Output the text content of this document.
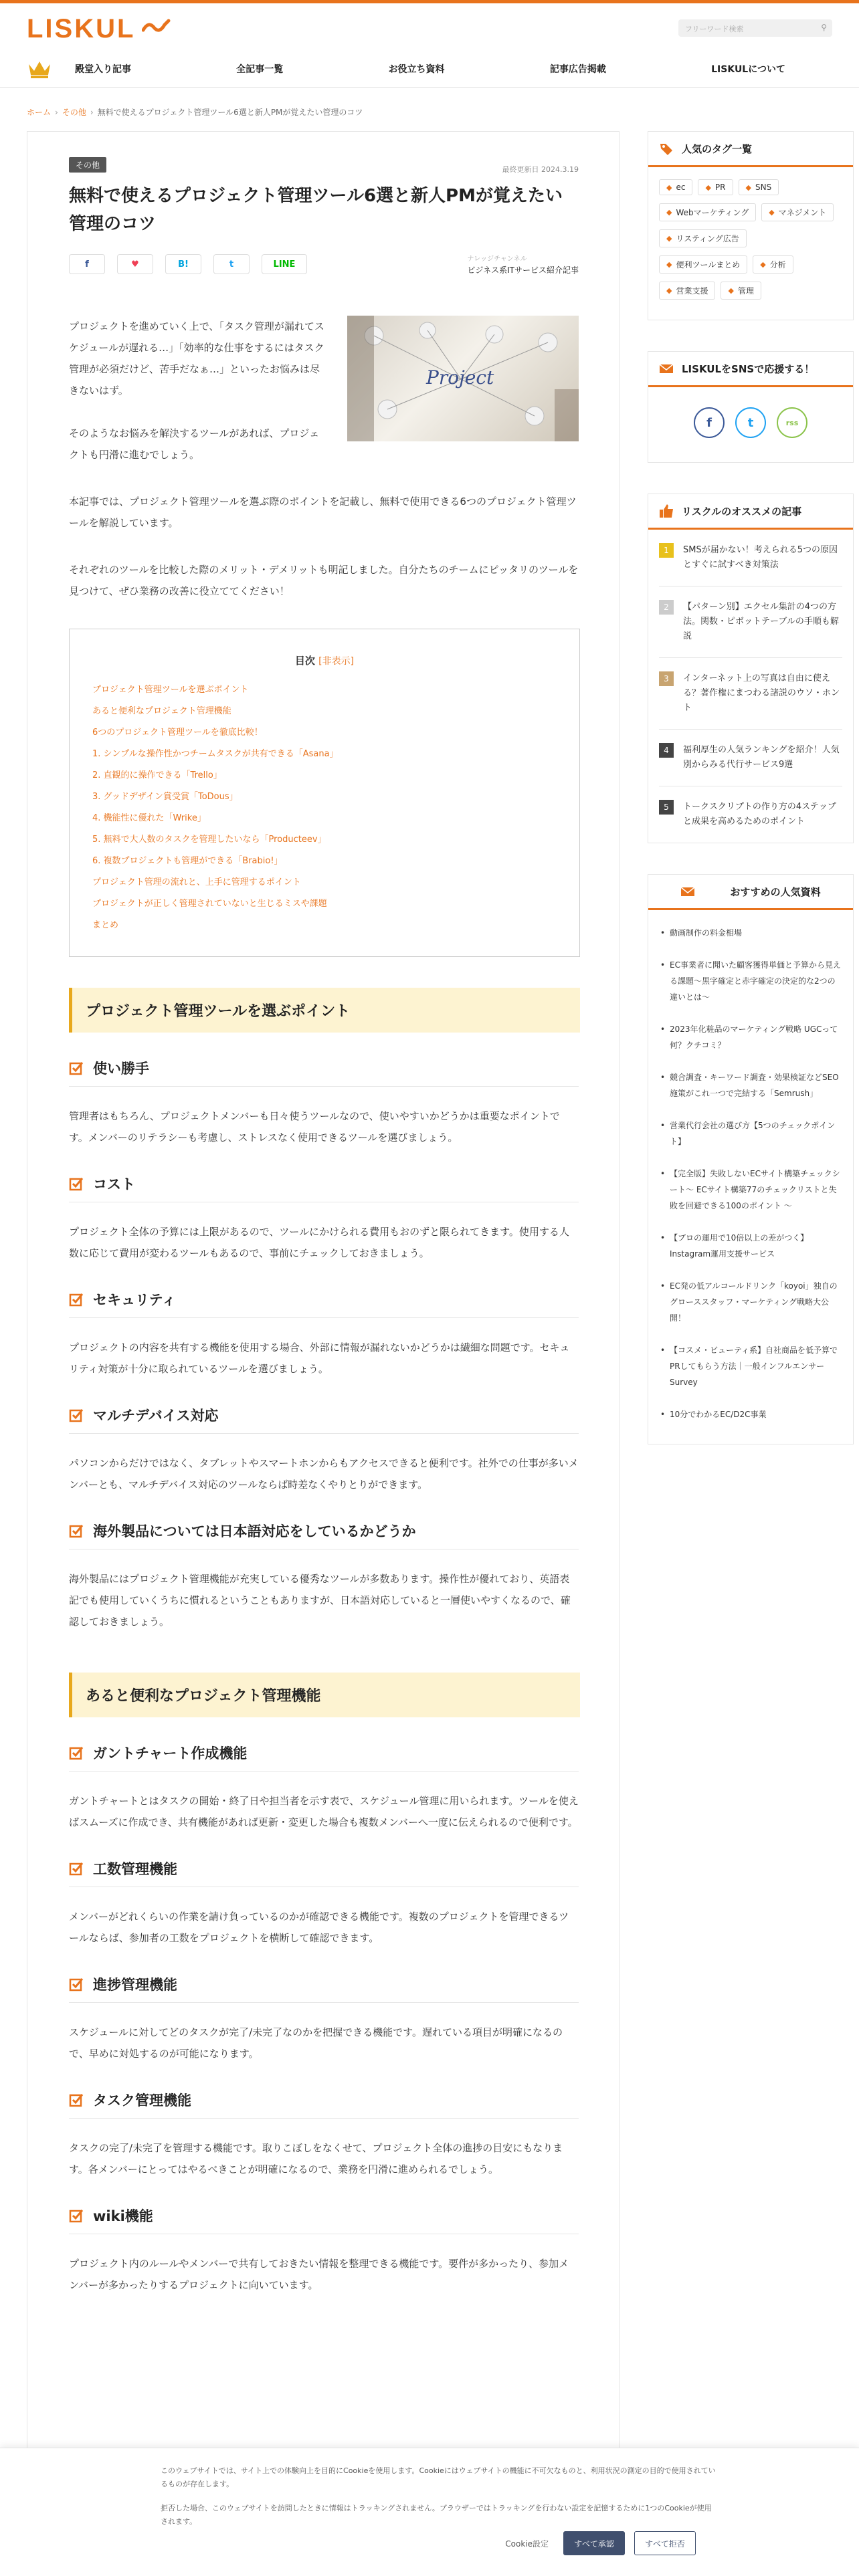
LISKUL	フリーワード検索	⚲
殿堂入り記事	全記事一覧	お役立ち資料	記事広告掲載	LISKULについて
ホーム › その他 › 無料で使えるプロジェクト管理ツール6選と新人PMが覚えたい管理のコツ
その他	最終更新日 2024.3.19
無料で使えるプロジェクト管理ツール6選と新人PMが覚えたい管理のコツ
f	♥	B!	t	LINE	ナレッジチャンネル
ビジネス系ITサービス紹介記事

プロジェクトを進めていく上で、「タスク管理が漏れてスケジュールが遅れる…」「効率的な仕事をするにはタスク管理が必須だけど、苦手だなぁ…」といったお悩みは尽きないはず。

そのようなお悩みを解決するツールがあれば、プロジェクトも円滑に進むでしょう。

Project

本記事では、プロジェクト管理ツールを選ぶ際のポイントを記載し、無料で使用できる6つのプロジェクト管理ツールを解説しています。

それぞれのツールを比較した際のメリット・デメリットも明記しました。自分たちのチームにピッタリのツールを見つけて、ぜひ業務の改善に役立ててください！

目次 [非表示]
プロジェクト管理ツールを選ぶポイント
あると便利なプロジェクト管理機能
6つのプロジェクト管理ツールを徹底比較！
1. シンプルな操作性かつチームタスクが共有できる「Asana」
2. 直観的に操作できる「Trello」
3. グッドデザイン賞受賞「ToDous」
4. 機能性に優れた「Wrike」
5. 無料で大人数のタスクを管理したいなら「Producteev」
6. 複数プロジェクトも管理ができる「Brabio!」
プロジェクト管理の流れと、上手に管理するポイント
プロジェクトが正しく管理されていないと生じるミスや課題
まとめ
プロジェクト管理ツールを選ぶポイント
使い勝手

管理者はもちろん、プロジェクトメンバーも日々使うツールなので、使いやすいかどうかは重要なポイントです。メンバーのリテラシーも考慮し、ストレスなく使用できるツールを選びましょう。

コスト

プロジェクト全体の予算には上限があるので、ツールにかけられる費用もおのずと限られてきます。使用する人数に応じて費用が変わるツールもあるので、事前にチェックしておきましょう。

セキュリティ

プロジェクトの内容を共有する機能を使用する場合、外部に情報が漏れないかどうかは繊細な問題です。セキュリティ対策が十分に取られているツールを選びましょう。

マルチデバイス対応

パソコンからだけではなく、タブレットやスマートホンからもアクセスできると便利です。社外での仕事が多いメンバーとも、マルチデバイス対応のツールならば時差なくやりとりができます。

海外製品については日本語対応をしているかどうか

海外製品にはプロジェクト管理機能が充実している優秀なツールが多数あります。操作性が優れており、英語表記でも使用していくうちに慣れるということもありますが、日本語対応していると一層使いやすくなるので、確認しておきましょう。

あると便利なプロジェクト管理機能
ガントチャート作成機能

ガントチャートとはタスクの開始・終了日や担当者を示す表で、スケジュール管理に用いられます。ツールを使えばスムーズに作成でき、共有機能があれば更新・変更した場合も複数メンバーへ一度に伝えられるので便利です。

工数管理機能

メンバーがどれくらいの作業を請け負っているのかが確認できる機能です。複数のプロジェクトを管理できるツールならば、参加者の工数をプロジェクトを横断して確認できます。

進捗管理機能

スケジュールに対してどのタスクが完了/未完了なのかを把握できる機能です。遅れている項目が明確になるので、早めに対処するのが可能になります。

タスク管理機能

タスクの完了/未完了を管理する機能です。取りこぼしをなくせて、プロジェクト全体の進捗の目安にもなります。各メンバーにとってはやるべきことが明確になるので、業務を円滑に進められるでしょう。

wiki機能

プロジェクト内のルールやメンバーで共有しておきたい情報を整理できる機能です。要件が多かったり、参加メンバーが多かったりするプロジェクトに向いています。

人気のタグ一覧
◆ ec	◆ PR	◆ SNS
◆ Webマーケティング	◆ マネジメント
◆ リスティング広告
◆ 便利ツールまとめ	◆ 分析
◆ 営業支援	◆ 管理
LISKULをSNSで応援する！
f	t	rss
リスクルのオススメの記事
1	SMSが届かない！考えられる5つの原因とすぐに試すべき対策法
2	【パターン別】エクセル集計の4つの方法。関数・ピボットテーブルの手順も解説
3	インターネット上の写真は自由に使える？著作権にまつわる諸説のウソ・ホント
4	福利厚生の人気ランキングを紹介！人気別からみる代行サービス9選
5	トークスクリプトの作り方の4ステップと成果を高めるためのポイント
おすすめの人気資料
• 動画制作の料金相場
• EC事業者に聞いた顧客獲得単価と予算から見える課題〜黒字確定と赤字確定の決定的な2つの違いとは〜
• 2023年化粧品のマーケティング戦略 UGCって何？クチコミ？
• 競合調査・キーワード調査・効果検証などSEO施策がこれ一つで完結する「Semrush」
• 営業代行会社の選び方【5つのチェックポイント】
• 【完全版】失敗しないECサイト構築チェックシート〜 ECサイト構築77のチェックリストと失敗を回避できる100のポイント 〜
• 【プロの運用で10倍以上の差がつく】Instagram運用支援サービス
• EC発の低アルコールドリンク「koyoi」独自のグローススタッフ・マーケティング戦略大公開！
• 【コスメ・ビューティ系】自社商品を低予算でPRしてもらう方法｜一般インフルエンサーSurvey
• 10分でわかるEC/D2C事業

このウェブサイトでは、サイト上での体験向上を目的にCookieを使用します。Cookieにはウェブサイトの機能に不可欠なものと、利用状況の測定の目的で使用されているものが存在します。

拒否した場合、このウェブサイトを訪問したときに情報はトラッキングされません。ブラウザーではトラッキングを行わない設定を記憶するために1つのCookieが使用されます。

Cookie設定	すべて承認	すべて拒否
